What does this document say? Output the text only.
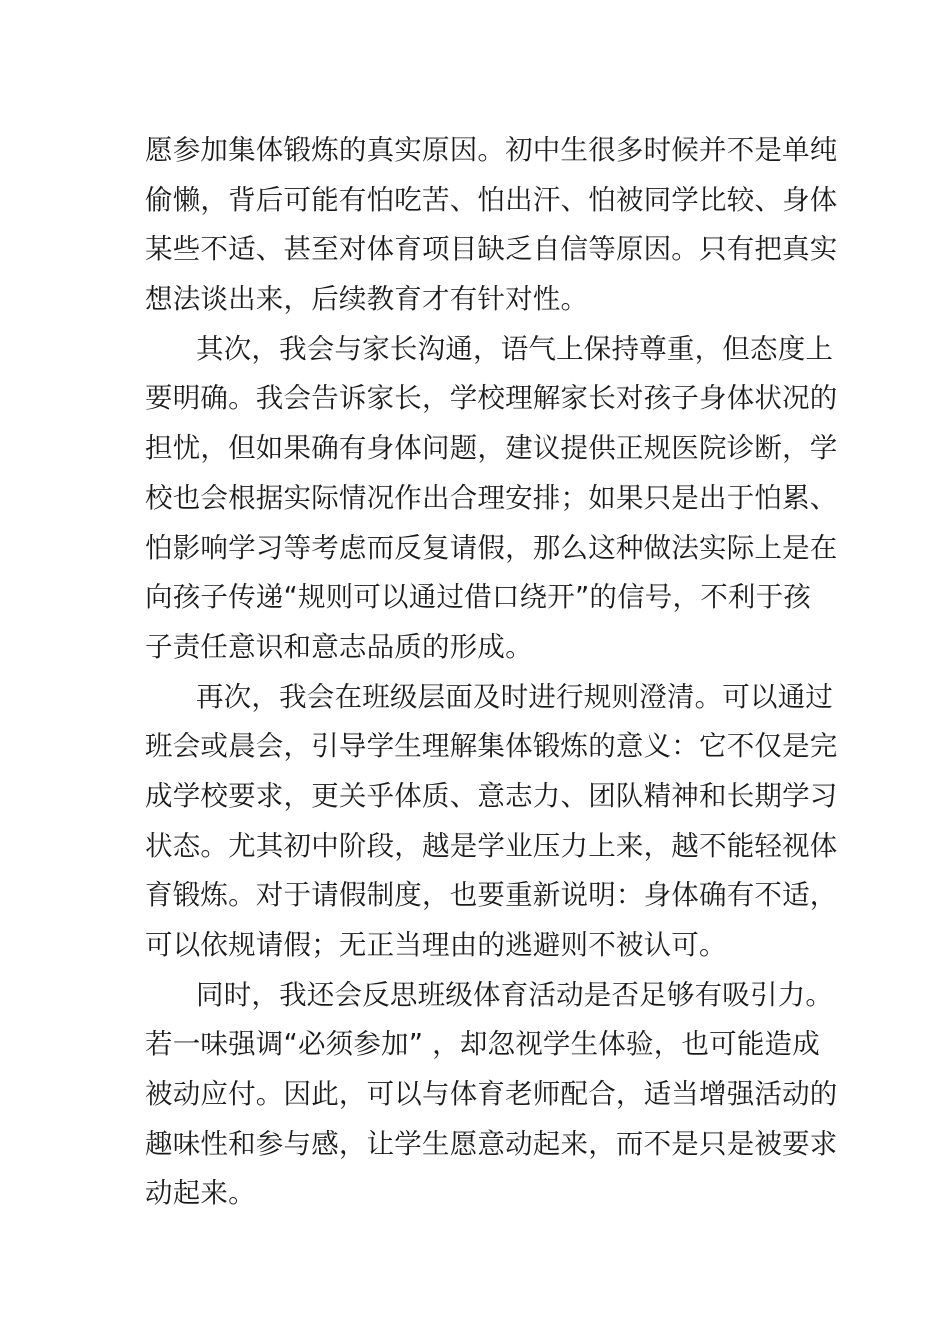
愿参加集体锻炼的真实原因。初中生很多时候并不是单纯
偷懒，背后可能有怕吃苦、怕出汗、怕被同学比较、身体
某些不适、甚至对体育项目缺乏自信等原因。只有把真实
想法谈出来，后续教育才有针对性。

其次，我会与家长沟通，语气上保持尊重，但态度上
要明确。我会告诉家长，学校理解家长对孩子身体状况的
担忧，但如果确有身体问题，建议提供正规医院诊断，学
校也会根据实际情况作出合理安排；如果只是出于怕累、
怕影响学习等考虑而反复请假，那么这种做法实际上是在
向孩子传递“规则可以通过借口绕开”的信号，不利于孩
子责任意识和意志品质的形成。

再次，我会在班级层面及时进行规则澄清。可以通过
班会或晨会，引导学生理解集体锻炼的意义：它不仅是完
成学校要求，更关乎体质、意志力、团队精神和长期学习
状态。尤其初中阶段，越是学业压力上来，越不能轻视体
育锻炼。对于请假制度，也要重新说明：身体确有不适，
可以依规请假；无正当理由的逃避则不被认可。

同时，我还会反思班级体育活动是否足够有吸引力。
若一味强调“必须参加” ，却忽视学生体验，也可能造成
被动应付。因此，可以与体育老师配合，适当增强活动的
趣味性和参与感，让学生愿意动起来，而不是只是被要求
动起来。
